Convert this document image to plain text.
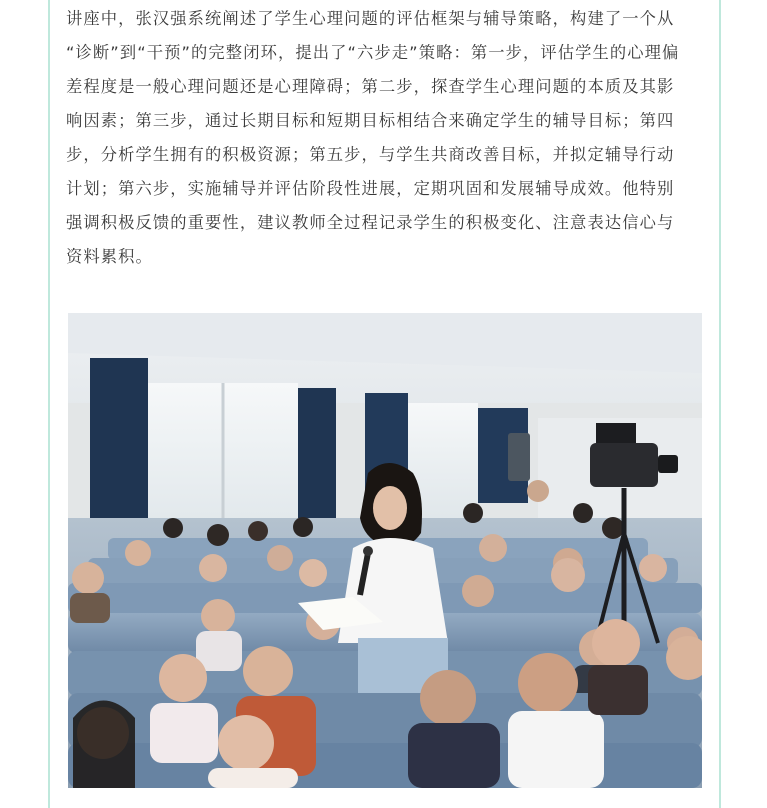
讲座中，张汉强系统阐述了学生心理问题的评估框架与辅导策略，构建了一个从
“诊断”到“干预”的完整闭环，提出了“六步走”策略：第一步，评估学生的心理偏
差程度是一般心理问题还是心理障碍；第二步，探查学生心理问题的本质及其影
响因素；第三步，通过长期目标和短期目标相结合来确定学生的辅导目标；第四
步，分析学生拥有的积极资源；第五步，与学生共商改善目标，并拟定辅导行动
计划；第六步，实施辅导并评估阶段性进展，定期巩固和发展辅导成效。他特别
强调积极反馈的重要性，建议教师全过程记录学生的积极变化、注意表达信心与
资料累积。
